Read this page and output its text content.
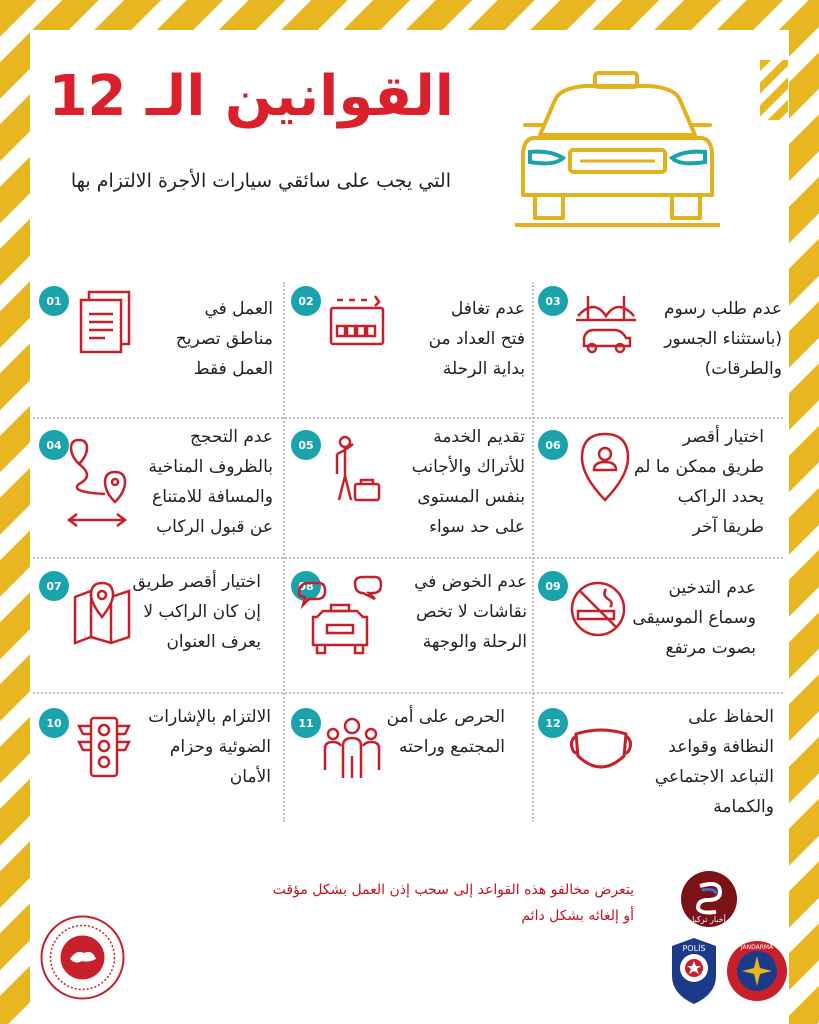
القوانين الـ 12
التي يجب على سائقي سيارات الأجرة الالتزام بها
01	العمل في
مناطق تصريح
العمل فقط
02	عدم تغافل
فتح العداد من
بداية الرحلة
03	عدم طلب رسوم
(باستثناء الجسور
والطرقات)
04	عدم التحجج
بالظروف المناخية
والمسافة للامتناع
عن قبول الركاب
05	تقديم الخدمة
للأتراك والأجانب
بنفس المستوى
على حد سواء
06	اختيار أقصر
طريق ممكن ما لم
يحدد الراكب
طريقا آخر
07	اختيار أقصر طريق
إن كان الراكب لا
يعرف العنوان
08	عدم الخوض في
نقاشات لا تخص
الرحلة والوجهة
09	عدم التدخين
وسماع الموسيقى
بصوت مرتفع
10	الالتزام بالإشارات
الضوئية وحزام
الأمان
11	الحرص على أمن
المجتمع وراحته
12	الحفاظ على
النظافة وقواعد
التباعد الاجتماعي
والكمامة
يتعرض مخالفو هذه القواعد إلى سحب إذن العمل بشكل مؤقت
أو إلغائه بشكل دائم	أخبار تركيا
POLİS	JANDARMA
